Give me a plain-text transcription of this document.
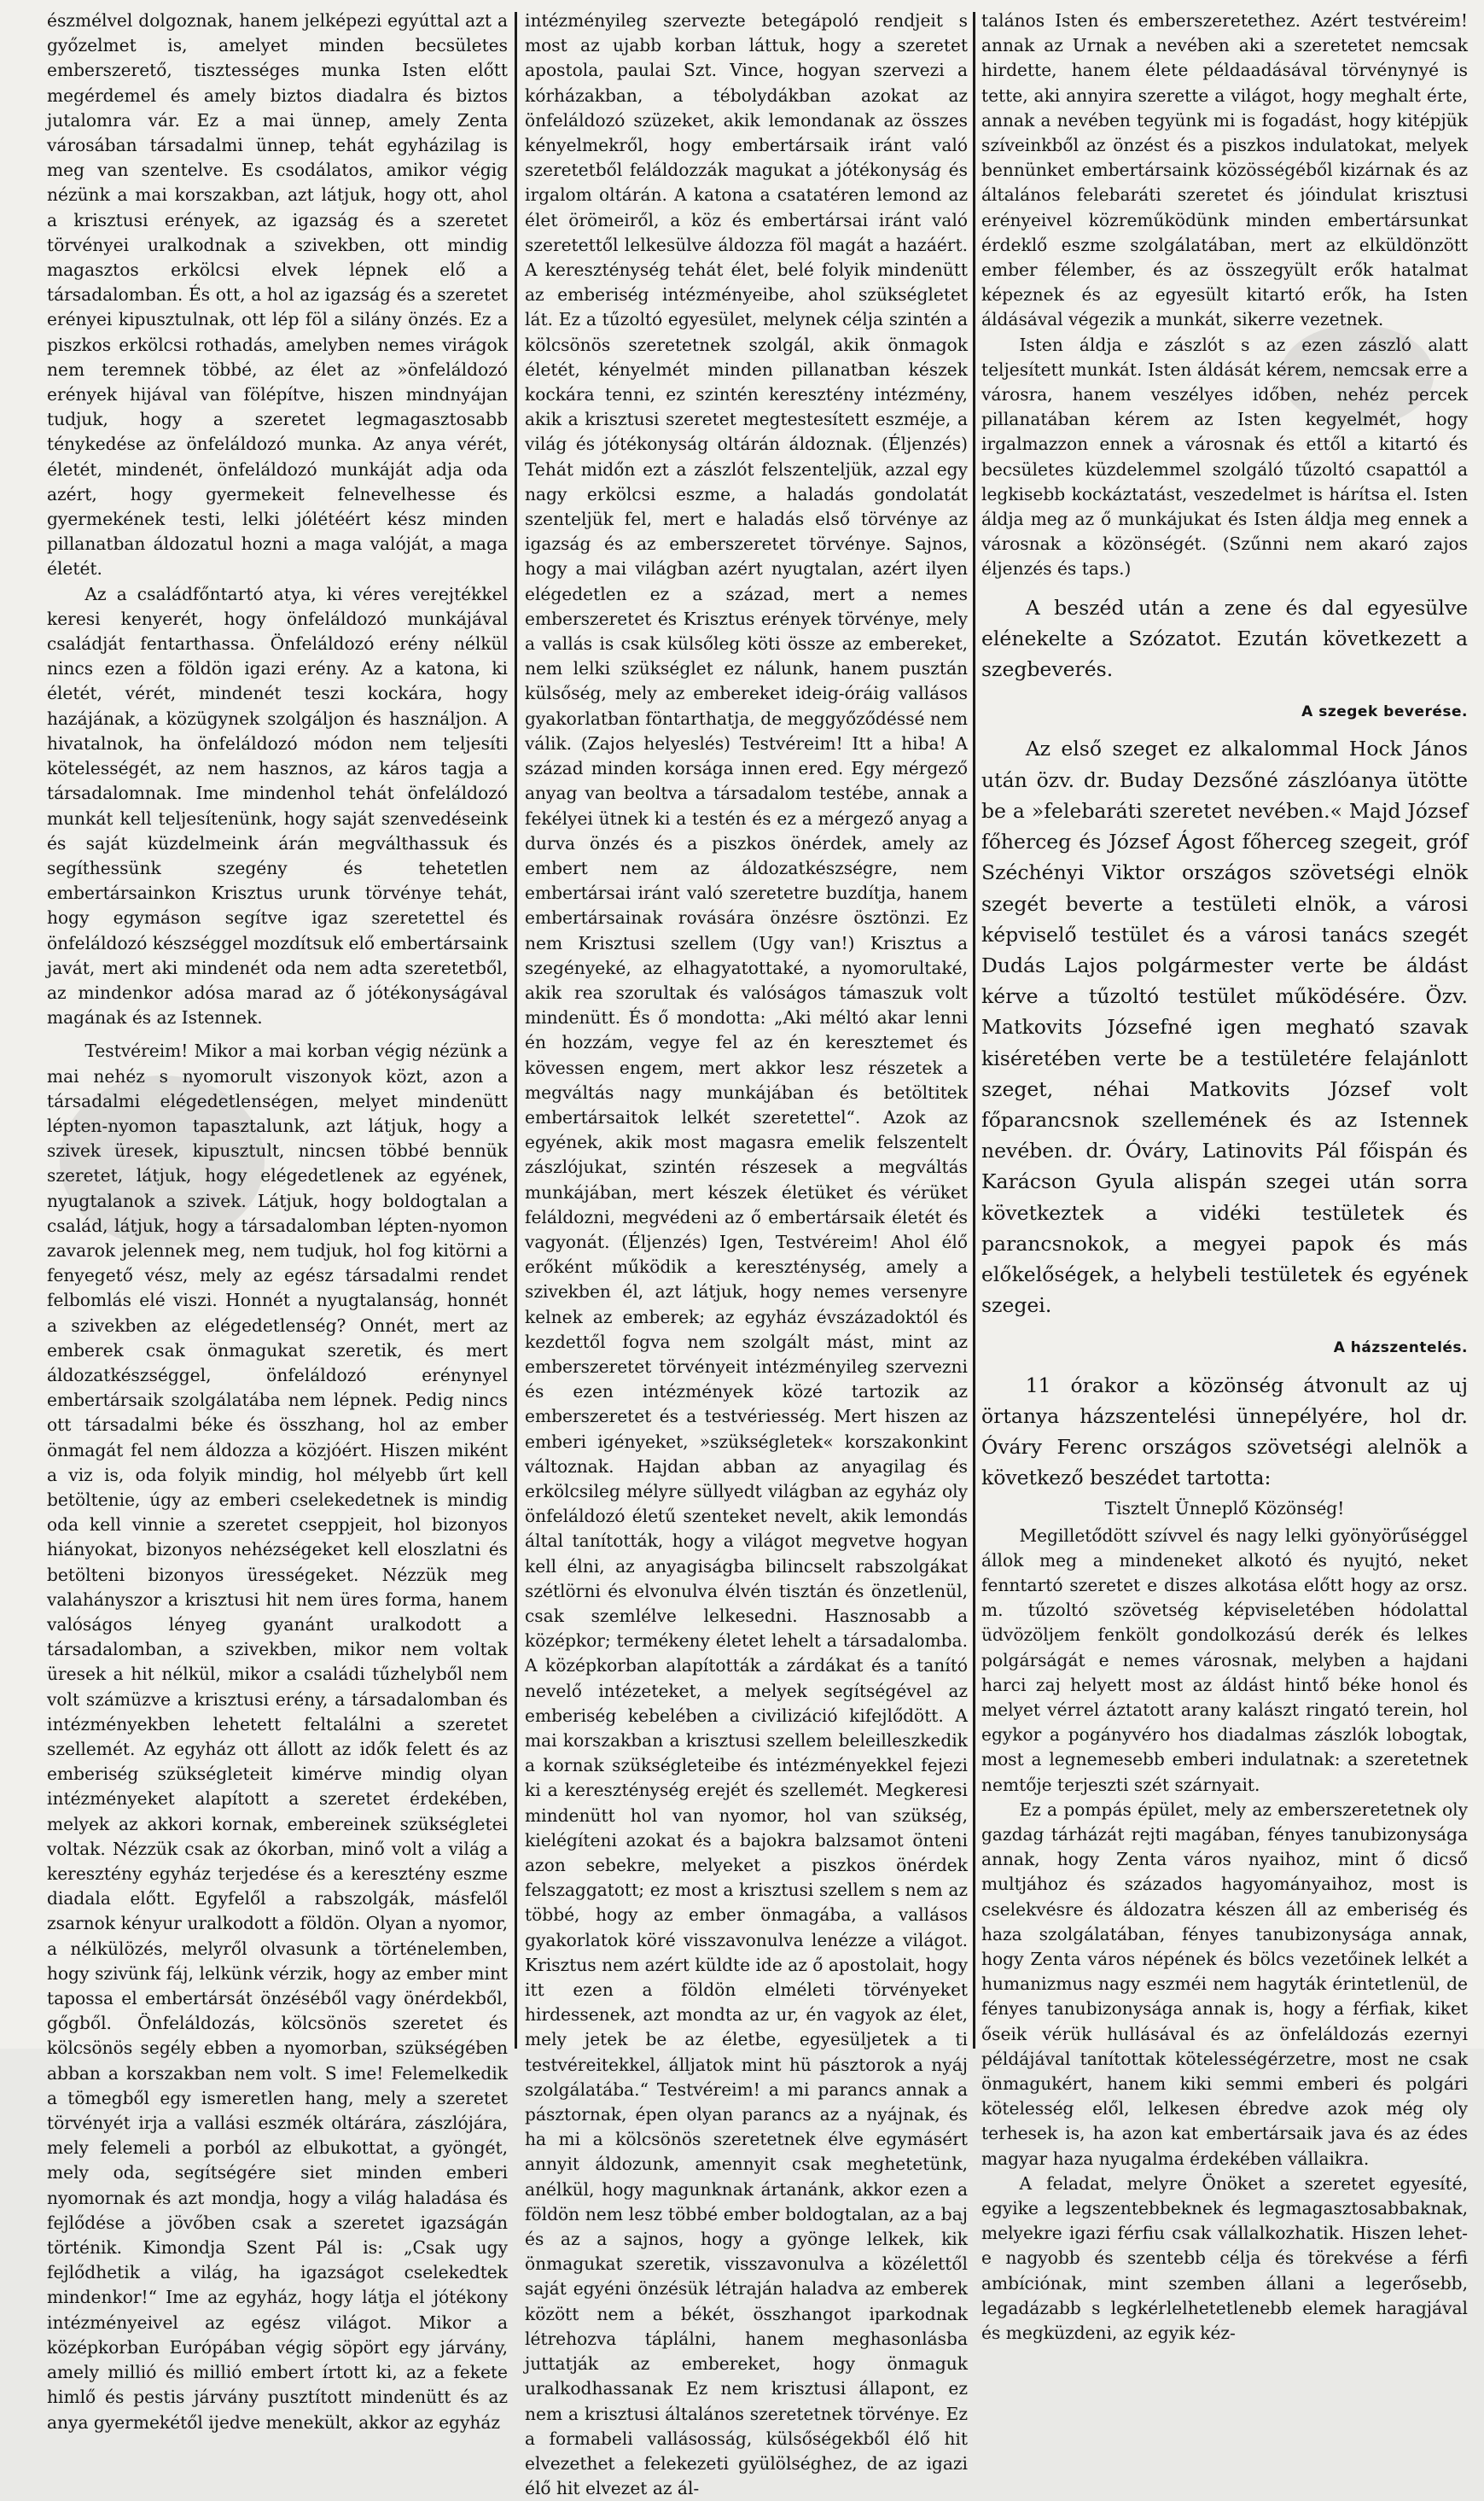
észmélvel dolgoznak, hanem jelképezi egyúttal azt a győzelmet is, amelyet minden becsületes emberszerető, tisztességes munka Isten előtt megérdemel és amely biztos diadalra és biztos jutalomra vár. Ez a mai ünnep, amely Zenta városában társadalmi ünnep, tehát egyházilag is meg van szentelve. Es csodálatos, amikor végig nézünk a mai korszakban, azt látjuk, hogy ott, ahol a krisztusi erények, az igazság és a szeretet törvényei uralkodnak a szivekben, ott mindig magasztos erkölcsi elvek lépnek elő a társadalomban. És ott, a hol az igazság és a szeretet erényei kipusztulnak, ott lép föl a silány önzés. Ez a piszkos erkölcsi rothadás, amelyben nemes virágok nem teremnek többé, az élet az »önfeláldozó erények hijával van fölépítve, hiszen mindnyájan tudjuk, hogy a szeretet legmagasztosabb ténykedése az önfeláldozó munka. Az anya vérét, életét, mindenét, önfeláldozó munkáját adja oda azért, hogy gyermekeit felnevelhesse és gyermekének testi, lelki jólétéért kész minden pillanatban áldozatul hozni a maga valóját, a maga életét.

Az a családfőntartó atya, ki véres verejtékkel keresi kenyerét, hogy önfeláldozó munkájával családját fentarthassa. Önfeláldozó erény nélkül nincs ezen a földön igazi erény. Az a katona, ki életét, vérét, mindenét teszi kockára, hogy hazájának, a közügynek szolgáljon és használjon. A hivatalnok, ha önfeláldozó módon nem teljesíti kötelességét, az nem hasznos, az káros tagja a társadalomnak. Ime mindenhol tehát önfeláldozó munkát kell teljesítenünk, hogy saját szenvedéseink és saját küzdelmeink árán megválthassuk és segíthessünk szegény és tehetetlen embertársainkon Krisztus urunk törvénye tehát, hogy egymáson segítve igaz szeretettel és önfeláldozó készséggel mozdítsuk elő embertársaink javát, mert aki mindenét oda nem adta szeretetből, az mindenkor adósa marad az ő jótékonyságával magának és az Istennek.

Testvéreim! Mikor a mai korban végig nézünk a mai nehéz s nyomorult viszonyok közt, azon a társadalmi elégedetlenségen, melyet mindenütt lépten-nyomon tapasztalunk, azt látjuk, hogy a szivek üresek, kipusztult, nincsen többé bennük szeretet, látjuk, hogy elégedetlenek az egyének, nyugtalanok a szivek. Látjuk, hogy boldogtalan a család, látjuk, hogy a társadalomban lépten-nyomon zavarok jelennek meg, nem tudjuk, hol fog kitörni a fenyegető vész, mely az egész társadalmi rendet felbomlás elé viszi. Honnét a nyugtalanság, honnét a szivekben az elégedetlenség? Onnét, mert az emberek csak önmagukat szeretik, és mert áldozatkészséggel, önfeláldozó erénynyel embertársaik szolgálatába nem lépnek. Pedig nincs ott társadalmi béke és összhang, hol az ember önmagát fel nem áldozza a közjóért. Hiszen miként a viz is, oda folyik mindig, hol mélyebb űrt kell betöltenie, úgy az emberi cselekedetnek is mindig oda kell vinnie a szeretet cseppjeit, hol bizonyos hiányokat, bizonyos nehézségeket kell eloszlatni és betölteni bizonyos ürességeket. Nézzük meg valahányszor a krisztusi hit nem üres forma, hanem valóságos lényeg gyanánt uralkodott a társadalomban, a szivekben, mikor nem voltak üresek a hit nélkül, mikor a családi tűzhelyből nem volt számüzve a krisztusi erény, a társadalomban és intézményekben lehetett feltalálni a szeretet szellemét. Az egyház ott állott az idők felett és az emberiség szükségleteit kimérve mindig olyan intézményeket alapított a szeretet érdekében, melyek az akkori kornak, embereinek szükségletei voltak. Nézzük csak az ókorban, minő volt a világ a keresztény egyház terjedése és a keresztény eszme diadala előtt. Egyfelől a rabszolgák, másfelől zsarnok kényur uralkodott a földön. Olyan a nyomor, a nélkülözés, melyről olvasunk a történelemben, hogy szivünk fáj, lelkünk vérzik, hogy az ember mint tapossa el embertársát önzéséből vagy önérdekből, gőgből. Önfeláldozás, kölcsönös szeretet és kölcsönös segély ebben a nyomorban, szükségében abban a korszakban nem volt. S ime! Felemelkedik a tömegből egy ismeretlen hang, mely a szeretet törvényét irja a vallási eszmék oltárára, zászlójára, mely felemeli a porból az elbukottat, a gyöngét, mely oda, segítségére siet minden emberi nyomornak és azt mondja, hogy a világ haladása és fejlődése a jövőben csak a szeretet igazságán történik. Kimondja Szent Pál is: „Csak ugy fejlődhetik a világ, ha igazságot cselekedtek mindenkor!“ Ime az egyház, hogy látja el jótékony intézményeivel az egész világot. Mikor a középkorban Európában végig söpört egy járvány, amely millió és millió embert írtott ki, az a fekete himlő és pestis járvány pusztított mindenütt és az anya gyermekétől ijedve menekült, akkor az egyház

intézményileg szervezte betegápoló rendjeit s most az ujabb korban láttuk, hogy a szeretet apostola, paulai Szt. Vince, hogyan szervezi a kórházakban, a tébolydákban azokat az önfeláldozó szüzeket, akik lemondanak az összes kényelmekről, hogy embertársaik iránt való szeretetből feláldozzák magukat a jótékonyság és irgalom oltárán. A katona a csatatéren lemond az élet örömeiről, a köz és embertársai iránt való szeretettől lelkesülve áldozza föl magát a hazáért. A kereszténység tehát élet, belé folyik mindenütt az emberiség intézményeibe, ahol szükségletet lát. Ez a tűzoltó egyesület, melynek célja szintén a kölcsönös szeretetnek szolgál, akik önmagok életét, kényelmét minden pillanatban készek kockára tenni, ez szintén keresztény intézmény, akik a krisztusi szeretet megtestesített eszméje, a világ és jótékonyság oltárán áldoznak. (Éljenzés) Tehát midőn ezt a zászlót felszenteljük, azzal egy nagy erkölcsi eszme, a haladás gondolatát szenteljük fel, mert e haladás első törvénye az igazság és az emberszeretet törvénye. Sajnos, hogy a mai világban azért nyugtalan, azért ilyen elégedetlen ez a század, mert a nemes emberszeretet és Krisztus erények törvénye, mely a vallás is csak külsőleg köti össze az embereket, nem lelki szükséglet ez nálunk, hanem pusztán külsőség, mely az embereket ideig-óráig vallásos gyakorlatban föntarthatja, de meggyőződéssé nem válik. (Zajos helyeslés) Testvéreim! Itt a hiba! A század minden korsága innen ered. Egy mérgező anyag van beoltva a társadalom testébe, annak a fekélyei ütnek ki a testén és ez a mérgező anyag a durva önzés és a piszkos önérdek, amely az embert nem az áldozatkészségre, nem embertársai iránt való szeretetre buzdítja, hanem embertársainak rovására önzésre ösztönzi. Ez nem Krisztusi szellem (Ugy van!) Krisztus a szegényeké, az elhagyatottaké, a nyomorultaké, akik rea szorultak és valóságos támaszuk volt mindenütt. És ő mondotta: „Aki méltó akar lenni én hozzám, vegye fel az én keresztemet és kövessen engem, mert akkor lesz részetek a megváltás nagy munkájában és betöltitek embertársaitok lelkét szeretettel“. Azok az egyének, akik most magasra emelik felszentelt zászlójukat, szintén részesek a megváltás munkájában, mert készek életüket és vérüket feláldozni, megvédeni az ő embertársaik életét és vagyonát. (Éljenzés) Igen, Testvéreim! Ahol élő erőként működik a kereszténység, amely a szivekben él, azt látjuk, hogy nemes versenyre kelnek az emberek; az egyház évszázadoktól és kezdettől fogva nem szolgált mást, mint az emberszeretet törvényeit intézményileg szervezni és ezen intézmények közé tartozik az emberszeretet és a testvériesség. Mert hiszen az emberi igényeket, »szükségletek« korszakonkint változnak. Hajdan abban az anyagilag és erkölcsileg mélyre süllyedt világban az egyház oly önfeláldozó életű szenteket nevelt, akik lemondás által tanították, hogy a világot megvetve hogyan kell élni, az anyagiságba bilincselt rabszolgákat szétlörni és elvonulva élvén tisztán és önzetlenül, csak szemlélve lelkesedni. Hasznosabb a középkor; termékeny életet lehelt a társadalomba. A középkorban alapították a zárdákat és a tanító nevelő intézeteket, a melyek segítségével az emberiség kebelében a civilizáció kifejlődött. A mai korszakban a krisztusi szellem beleilleszkedik a kornak szükségleteibe és intézményekkel fejezi ki a kereszténység erejét és szellemét. Megkeresi mindenütt hol van nyomor, hol van szükség, kielégíteni azokat és a bajokra balzsamot önteni azon sebekre, melyeket a piszkos önérdek felszaggatott; ez most a krisztusi szellem s nem az többé, hogy az ember önmagába, a vallásos gyakorlatok köré visszavonulva lenézze a világot. Krisztus nem azért küldte ide az ő apostolait, hogy itt ezen a földön elméleti törvényeket hirdessenek, azt mondta az ur, én vagyok az élet, mely jetek be az életbe, egyesüljetek a ti testvéreitekkel, álljatok mint hü pásztorok a nyáj szolgálatába.“ Testvéreim! a mi parancs annak a pásztornak, épen olyan parancs az a nyájnak, és ha mi a kölcsönös szeretetnek élve egymásért annyit áldozunk, amennyit csak meghetetünk, anélkül, hogy magunknak ártanánk, akkor ezen a földön nem lesz többé ember boldogtalan, az a baj és az a sajnos, hogy a gyönge lelkek, kik önmagukat szeretik, visszavonulva a közélettől saját egyéni önzésük létraján haladva az emberek között nem a békét, összhangot iparkodnak létrehozva táplálni, hanem meghasonlásba juttatják az embereket, hogy önmaguk uralkodhassanak Ez nem krisztusi állapont, ez nem a krisztusi általános szeretetnek törvénye. Ez a formabeli vallásosság, külsőségekből élő hit elvezethet a felekezeti gyülölséghez, de az igazi élő hit elvezet az ál-

talános Isten és emberszeretethez. Azért testvéreim! annak az Urnak a nevében aki a szeretetet nemcsak hirdette, hanem élete példaadásával törvénynyé is tette, aki annyira szerette a világot, hogy meghalt érte, annak a nevében tegyünk mi is fogadást, hogy kitépjük szíveinkből az önzést és a piszkos indulatokat, melyek bennünket embertársaink közösségéből kizárnak és az általános felebaráti szeretet és jóindulat krisztusi erényeivel közreműködünk minden embertársunkat érdeklő eszme szolgálatában, mert az elküldönzött ember félember, és az összegyült erők hatalmat képeznek és az egyesült kitartó erők, ha Isten áldásával végezik a munkát, sikerre vezetnek.

Isten áldja e zászlót s az ezen zászló alatt teljesített munkát. Isten áldását kérem, nemcsak erre a városra, hanem veszélyes időben, nehéz percek pillanatában kérem az Isten kegyelmét, hogy irgalmazzon ennek a városnak és ettől a kitartó és becsületes küzdelemmel szolgáló tűzoltó csapattól a legkisebb kockáztatást, veszedelmet is hárítsa el. Isten áldja meg az ő munkájukat és Isten áldja meg ennek a városnak a közönségét. (Szűnni nem akaró zajos éljenzés és taps.)

A beszéd után a zene és dal egyesülve elénekelte a Szózatot. Ezután következett a szegbeverés.

A szegek beverése.

Az első szeget ez alkalommal Hock János után özv. dr. Buday Dezsőné zászlóanya ütötte be a »felebaráti szeretet nevében.« Majd József főherceg és József Ágost főherceg szegeit, gróf Széchényi Viktor országos szövetségi elnök szegét beverte a testületi elnök, a városi képviselő testület és a városi tanács szegét Dudás Lajos polgármester verte be áldást kérve a tűzoltó testület működésére. Özv. Matkovits Józsefné igen megható szavak kiséretében verte be a testületére felajánlott szeget, néhai Matkovits József volt főparancsnok szellemének és az Istennek nevében. dr. Óváry, Latinovits Pál főispán és Karácson Gyula alispán szegei után sorra következtek a vidéki testületek és parancsnokok, a megyei papok és más előkelőségek, a helybeli testületek és egyének szegei.

A házszentelés.

11 órakor a közönség átvonult az uj örtanya házszentelési ünnepélyére, hol dr. Óváry Ferenc országos szövetségi alelnök a következő beszédet tartotta:

Tisztelt Ünneplő Közönség!

Megilletődött szívvel és nagy lelki gyönyörűséggel állok meg a mindeneket alkotó és nyujtó, neket fenntartó szeretet e diszes alkotása előtt hogy az orsz. m. tűzoltó szövetség képviseletében hódolattal üdvözöljem fenkölt gondolkozású derék és lelkes polgárságát e nemes városnak, melyben a hajdani harci zaj helyett most az áldást hintő béke honol és melyet vérrel áztatott arany kalászt ringató terein, hol egykor a pogányvéro hos diadalmas zászlók lobogtak, most a legnemesebb emberi indulatnak: a szeretetnek nemtője terjeszti szét szárnyait.

Ez a pompás épület, mely az emberszeretetnek oly gazdag tárházát rejti magában, fényes tanubizonysága annak, hogy Zenta város nyaihoz, mint ő dicső multjához és százados hagyományaihoz, most is cselekvésre és áldozatra készen áll az emberiség és haza szolgálatában, fényes tanubizonysága annak, hogy Zenta város népének és bölcs vezetőinek lelkét a humanizmus nagy eszméi nem hagyták érintetlenül, de fényes tanubizonysága annak is, hogy a férfiak, kiket őseik vérük hullásával és az önfeláldozás ezernyi példájával tanítottak kötelességérzetre, most ne csak önmagukért, hanem kiki semmi emberi és polgári kötelesség elől, lelkesen ébredve azok még oly terhesek is, ha azon kat embertársaik java és az édes magyar haza nyugalma érdekében vállaikra.

A feladat, melyre Önöket a szeretet egyesíté, egyike a legszentebbeknek és legmagasztosabbaknak, melyekre igazi férfiu csak vállalkozhatik. Hiszen lehet-e nagyobb és szentebb célja és törekvése a férfi ambíciónak, mint szemben állani a legerősebb, legadázabb s legkérlelhetetlenebb elemek haragjával és megküzdeni, az egyik kéz-
